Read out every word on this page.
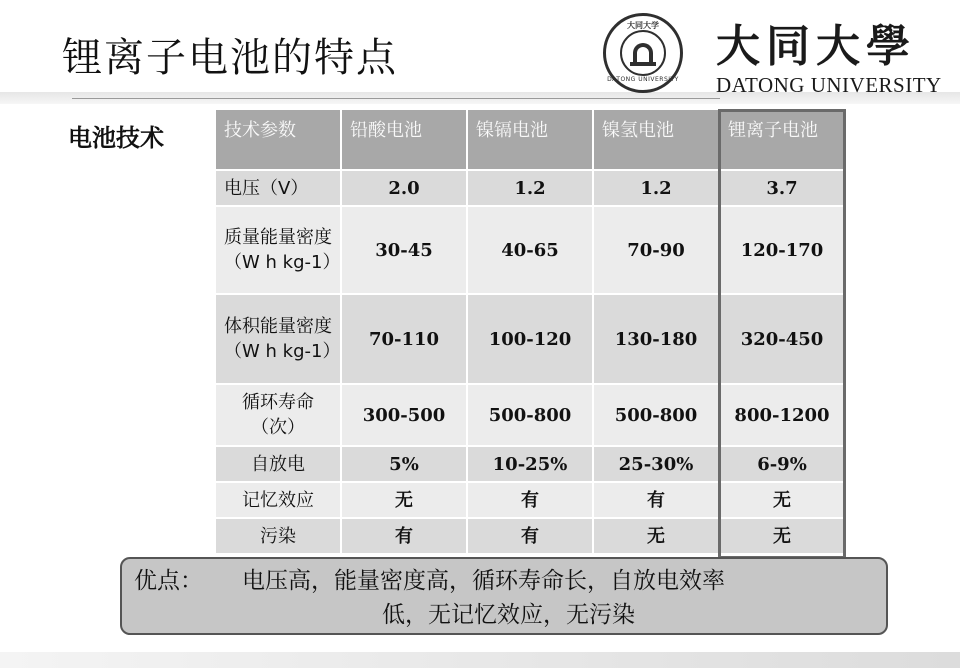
锂离子电池的特点
大同大学
DATONG UNIVERSITY
大同大學
DATONG UNIVERSITY
电池技术	技术参数	铅酸电池	镍镉电池	镍氢电池	锂离子电池
电压（V）	2.0	1.2	1.2	3.7
质量能量密度（W h kg-1）	30-45	40-65	70-90	120-170
体积能量密度（W h kg-1）	70-110	100-120	130-180	320-450
循环寿命（次）	300-500	500-800	500-800	800-1200
自放电	5%	10-25%	25-30%	6-9%
记忆效应	无	有	有	无
污染	有	有	无	无
优点： 电压高，能量密度高，循环寿命长，自放电效率
低，无记忆效应，无污染
